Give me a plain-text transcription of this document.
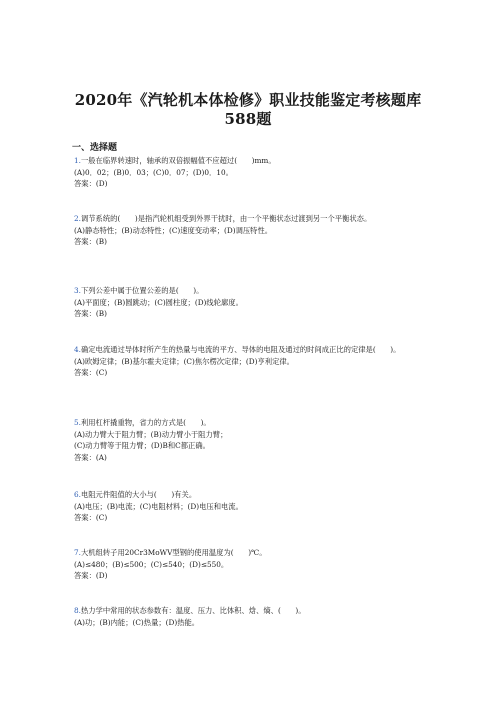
2020年《汽轮机本体检修》职业技能鉴定考核题库
588题
一、选择题
1.一般在临界转速时，轴承的双倍振幅值不应超过(　　)mm。
(A)0．02；(B)0．03；(C)0．07；(D)0．10。
答案：(D)
2.调节系统的(　　)是指汽轮机组受到外界干扰时，由一个平衡状态过渡到另一个平衡状态。
(A)静态特性；(B)动态特性；(C)速度变动率；(D)调压特性。
答案：(B)
3.下列公差中属于位置公差的是(　　)。
(A)平面度；(B)圆跳动；(C)圆柱度；(D)线轮廓度。
答案：(B)
4.确定电流通过导体时所产生的热量与电流的平方、导体的电阻及通过的时间成正比的定律是(　　)。
(A)欧姆定律；(B)基尔霍夫定律；(C)焦尔楞次定律；(D)亨利定律。
答案：(C)
5.利用杠杆撬重物，省力的方式是(　　)。
(A)动力臂大于阻力臂；(B)动力臂小于阻力臂；
(C)动力臂等于阻力臂；(D)B和C都正确。
答案：(A)
6.电阻元件阻值的大小与(　　)有关。
(A)电压；(B)电流；(C)电阻材料；(D)电压和电流。
答案：(C)
7.大机组转子用20Cr3MoWV型钢的使用温度为(　　)℃。
(A)≤480；(B)≤500；(C)≤540；(D)≤550。
答案：(D)
8.热力学中常用的状态参数有：温度、压力、比体积、焓、熵、(　　)。
(A)功；(B)内能；(C)热量；(D)热能。
